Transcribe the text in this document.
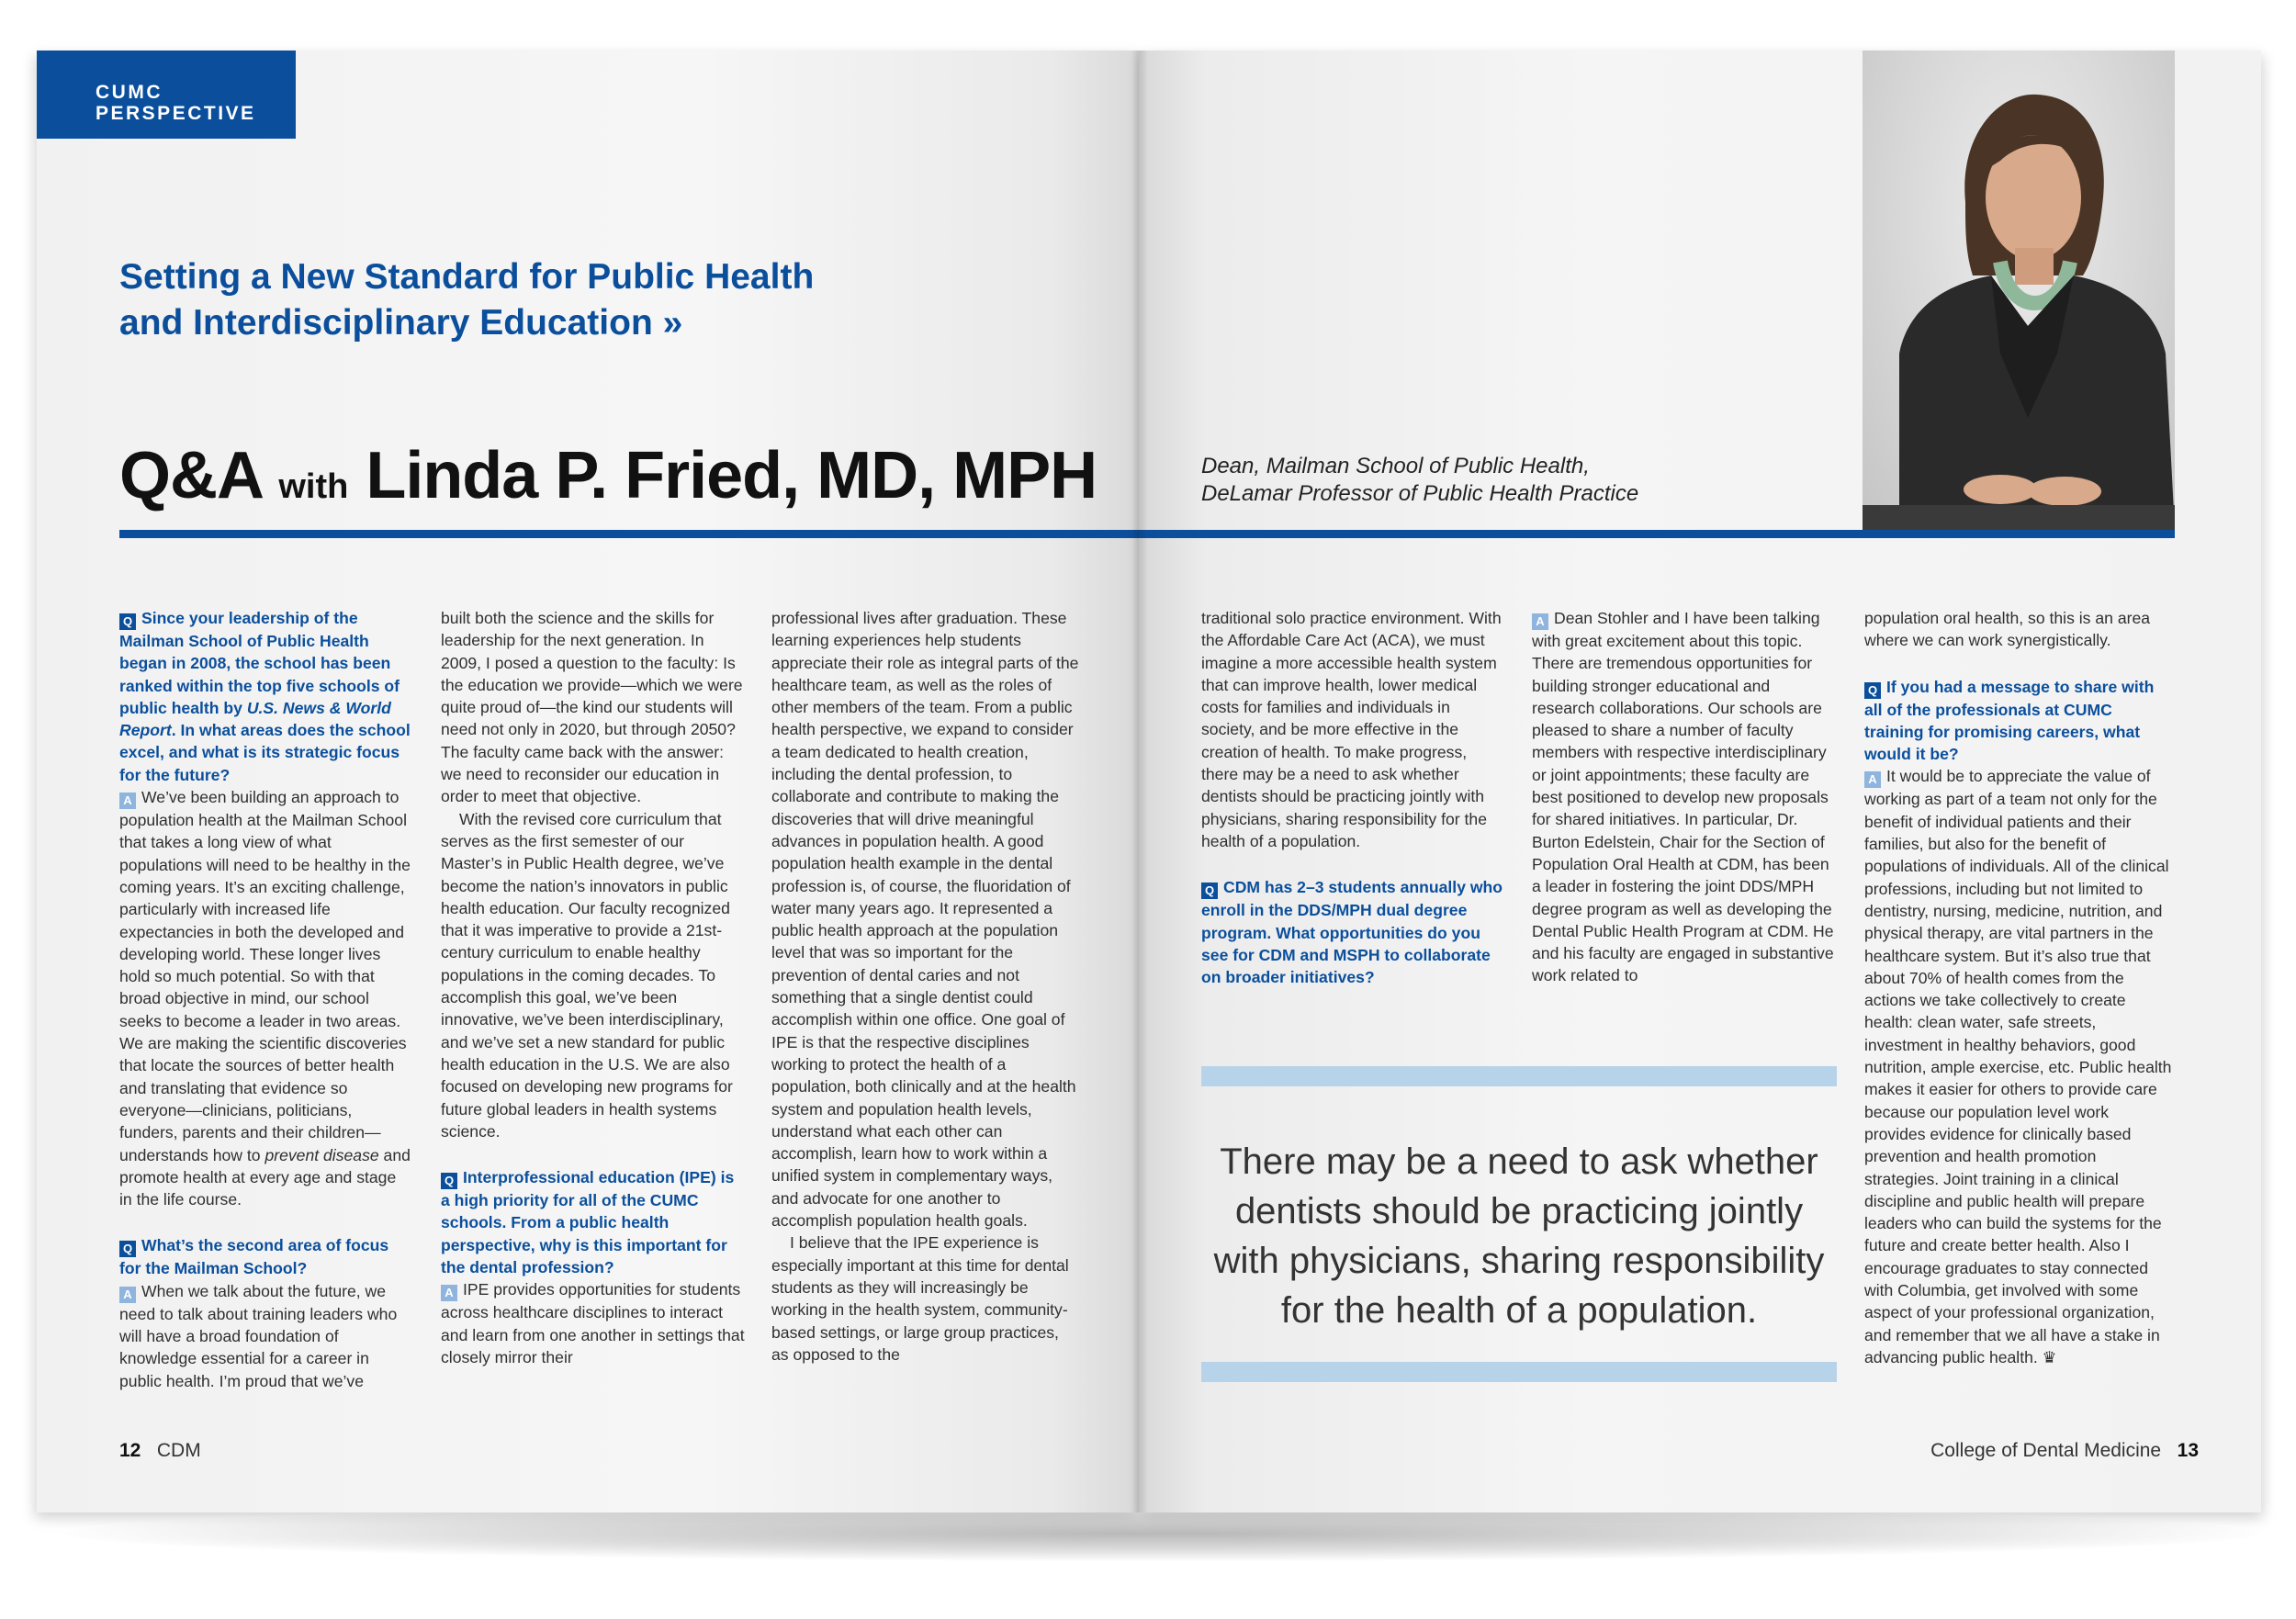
CUMC
PERSPECTIVE
Setting a New Standard for Public Health
and Interdisciplinary Education »
Q&A with Linda P. Fried, MD, MPH

Q Since your leadership of the Mailman School of Public Health began in 2008, the school has been ranked within the top five schools of public health by U.S. News & World Report. In what areas does the school excel, and what is its strategic focus for the future?

A We’ve been building an approach to population health at the Mailman School that takes a long view of what populations will need to be healthy in the coming years. It’s an exciting challenge, particularly with increased life expectancies in both the developed and developing world. These longer lives hold so much potential. So with that broad objective in mind, our school seeks to become a leader in two areas. We are making the scientific discoveries that locate the sources of better health and translating that evidence so everyone—clinicians, politicians, funders, parents and their children—understands how to prevent disease and promote health at every age and stage in the life course.

Q What’s the second area of focus for the Mailman School?

A When we talk about the future, we need to talk about training leaders who will have a broad foundation of knowledge essential for a career in public health. I’m proud that we’ve

built both the science and the skills for leadership for the next generation. In 2009, I posed a question to the faculty: Is the education we provide—which we were quite proud of—the kind our students will need not only in 2020, but through 2050? The faculty came back with the answer: we need to reconsider our education in order to meet that objective.

With the revised core curriculum that serves as the first semester of our Master’s in Public Health degree, we’ve become the nation’s innovators in public health education. Our faculty recognized that it was imperative to provide a 21st-century curriculum to enable healthy populations in the coming decades. To accomplish this goal, we’ve been innovative, we’ve been interdisciplinary, and we’ve set a new standard for public health education in the U.S. We are also focused on developing new programs for future global leaders in health systems science.

Q Interprofessional education (IPE) is a high priority for all of the CUMC schools. From a public health perspective, why is this important for the dental profession?

A IPE provides opportunities for students across healthcare disciplines to interact and learn from one another in settings that closely mirror their

professional lives after graduation. These learning experiences help students appreciate their role as integral parts of the healthcare team, as well as the roles of other members of the team. From a public health perspective, we expand to consider a team dedicated to health creation, including the dental profession, to collaborate and contribute to making the discoveries that will drive meaningful advances in population health. A good population health example in the dental profession is, of course, the fluoridation of water many years ago. It represented a public health approach at the population level that was so important for the prevention of dental caries and not something that a single dentist could accomplish within one office. One goal of IPE is that the respective disciplines working to protect the health of a population, both clinically and at the health system and population health levels, understand what each other can accomplish, learn how to work within a unified system in complementary ways, and advocate for one another to accomplish population health goals.

I believe that the IPE experience is especially important at this time for dental students as they will increasingly be working in the health system, community-based settings, or large group practices, as opposed to the

12 CDM
Dean, Mailman School of Public Health,
DeLamar Professor of Public Health Practice

traditional solo practice environment. With the Affordable Care Act (ACA), we must imagine a more accessible health system that can improve health, lower medical costs for families and individuals in society, and be more effective in the creation of health. To make progress, there may be a need to ask whether dentists should be practicing jointly with physicians, sharing responsibility for the health of a population.

Q CDM has 2–3 students annually who enroll in the DDS/MPH dual degree program. What opportunities do you see for CDM and MSPH to collaborate on broader initiatives?

A Dean Stohler and I have been talking with great excitement about this topic. There are tremendous opportunities for building stronger educational and research collaborations. Our schools are pleased to share a number of faculty members with respective interdisciplinary or joint appointments; these faculty are best positioned to develop new proposals for shared initiatives. In particular, Dr. Burton Edelstein, Chair for the Section of Population Oral Health at CDM, has been a leader in fostering the joint DDS/MPH degree program as well as developing the Dental Public Health Program at CDM. He and his faculty are engaged in substantive work related to

population oral health, so this is an area where we can work synergistically.

Q If you had a message to share with all of the professionals at CUMC training for promising careers, what would it be?

A It would be to appreciate the value of working as part of a team not only for the benefit of individual patients and their families, but also for the benefit of populations of individuals. All of the clinical professions, including but not limited to dentistry, nursing, medicine, nutrition, and physical therapy, are vital partners in the healthcare system. But it’s also true that about 70% of health comes from the actions we take collectively to create health: clean water, safe streets, investment in healthy behaviors, good nutrition, ample exercise, etc. Public health makes it easier for others to provide care because our population level work provides evidence for clinically based prevention and health promotion strategies. Joint training in a clinical discipline and public health will prepare leaders who can build the systems for the future and create better health. Also I encourage graduates to stay connected with Columbia, get involved with some aspect of your professional organization, and remember that we all have a stake in advancing public health. ♛

There may be a need to ask whether
dentists should be practicing jointly
with physicians, sharing responsibility
for the health of a population.
College of Dental Medicine 13
